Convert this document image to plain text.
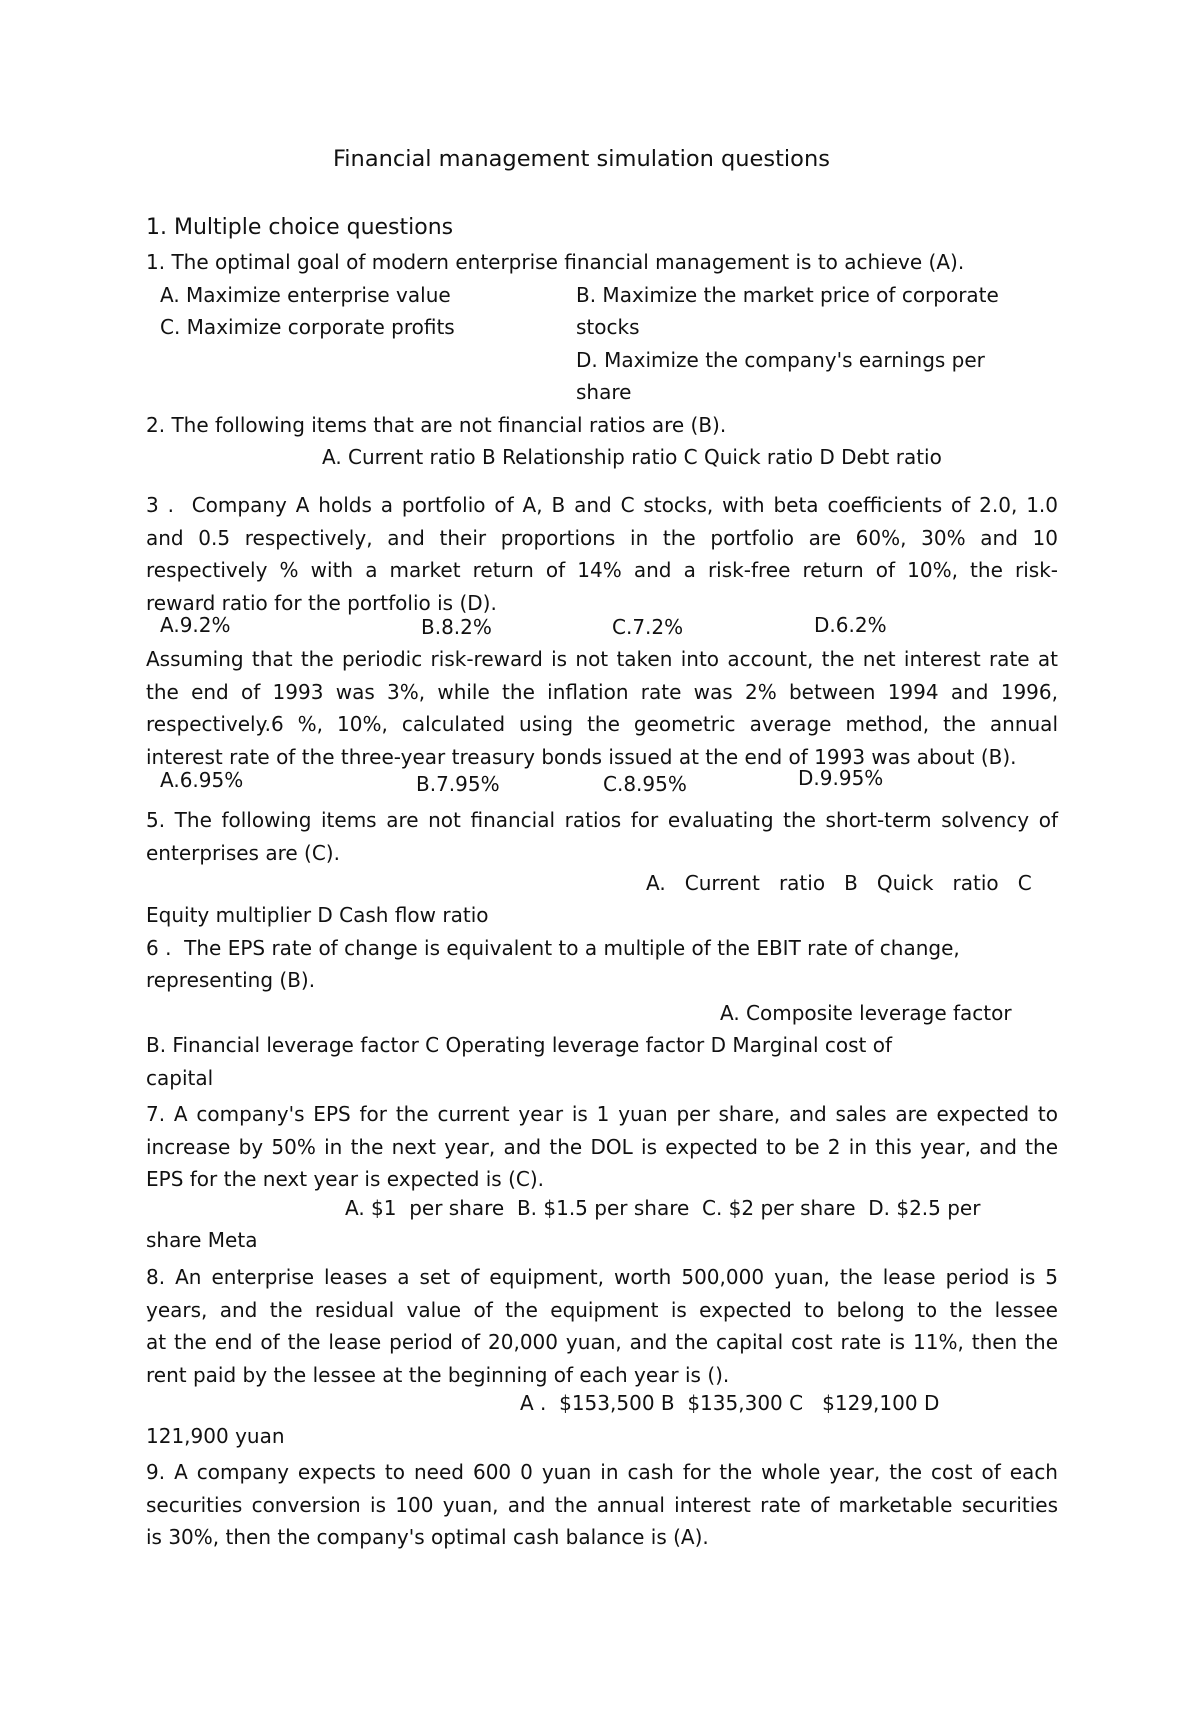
Financial management simulation questions
1. Multiple choice questions
1. The optimal goal of modern enterprise financial management is to achieve (A).
A. Maximize enterprise value
C. Maximize corporate profits
B. Maximize the market price of corporate
stocks
D. Maximize the company's earnings per
share
2. The following items that are not financial ratios are (B).
A. Current ratio B Relationship ratio C Quick ratio D Debt ratio
3 .  Company A holds a portfolio of A, B and C stocks, with beta coefficients of 2.0, 1.0
and 0.5 respectively, and their proportions in the portfolio are 60%, 30% and 10
respectively % with a market return of 14% and a risk-free return of 10%, the risk-
reward ratio for the portfolio is (D).
A.9.2%	B.8.2%	C.7.2%	D.6.2%
Assuming that the periodic risk-reward is not taken into account, the net interest rate at
the end of 1993 was 3%, while the inflation rate was 2% between 1994 and 1996,
respectively.6 %, 10%, calculated using the geometric average method, the annual
interest rate of the three-year treasury bonds issued at the end of 1993 was about (B).
A.6.95%	B.7.95%	C.8.95%	D.9.95%
5. The following items are not financial ratios for evaluating the short-term solvency of
enterprises are (C).
A.   Current   ratio   B   Quick   ratio   C
Equity multiplier D Cash flow ratio
6 .  The EPS rate of change is equivalent to a multiple of the EBIT rate of change,
representing (B).
A. Composite leverage factor
B. Financial leverage factor C Operating leverage factor D Marginal cost of
capital
7. A company's EPS for the current year is 1 yuan per share, and sales are expected to
increase by 50% in the next year, and the DOL is expected to be 2 in this year, and the
EPS for the next year is expected is (C).
A. $1  per share  B. $1.5 per share  C. $2 per share  D. $2.5 per
share Meta
8. An enterprise leases a set of equipment, worth 500,000 yuan, the lease period is 5
years, and the residual value of the equipment is expected to belong to the lessee
at the end of the lease period of 20,000 yuan, and the capital cost rate is 11%, then the
rent paid by the lessee at the beginning of each year is ().
A .  $153,500 B  $135,300 C   $129,100 D
121,900 yuan
9. A company expects to need 600 0 yuan in cash for the whole year, the cost of each
securities conversion is 100 yuan, and the annual interest rate of marketable securities
is 30%, then the company's optimal cash balance is (A).
